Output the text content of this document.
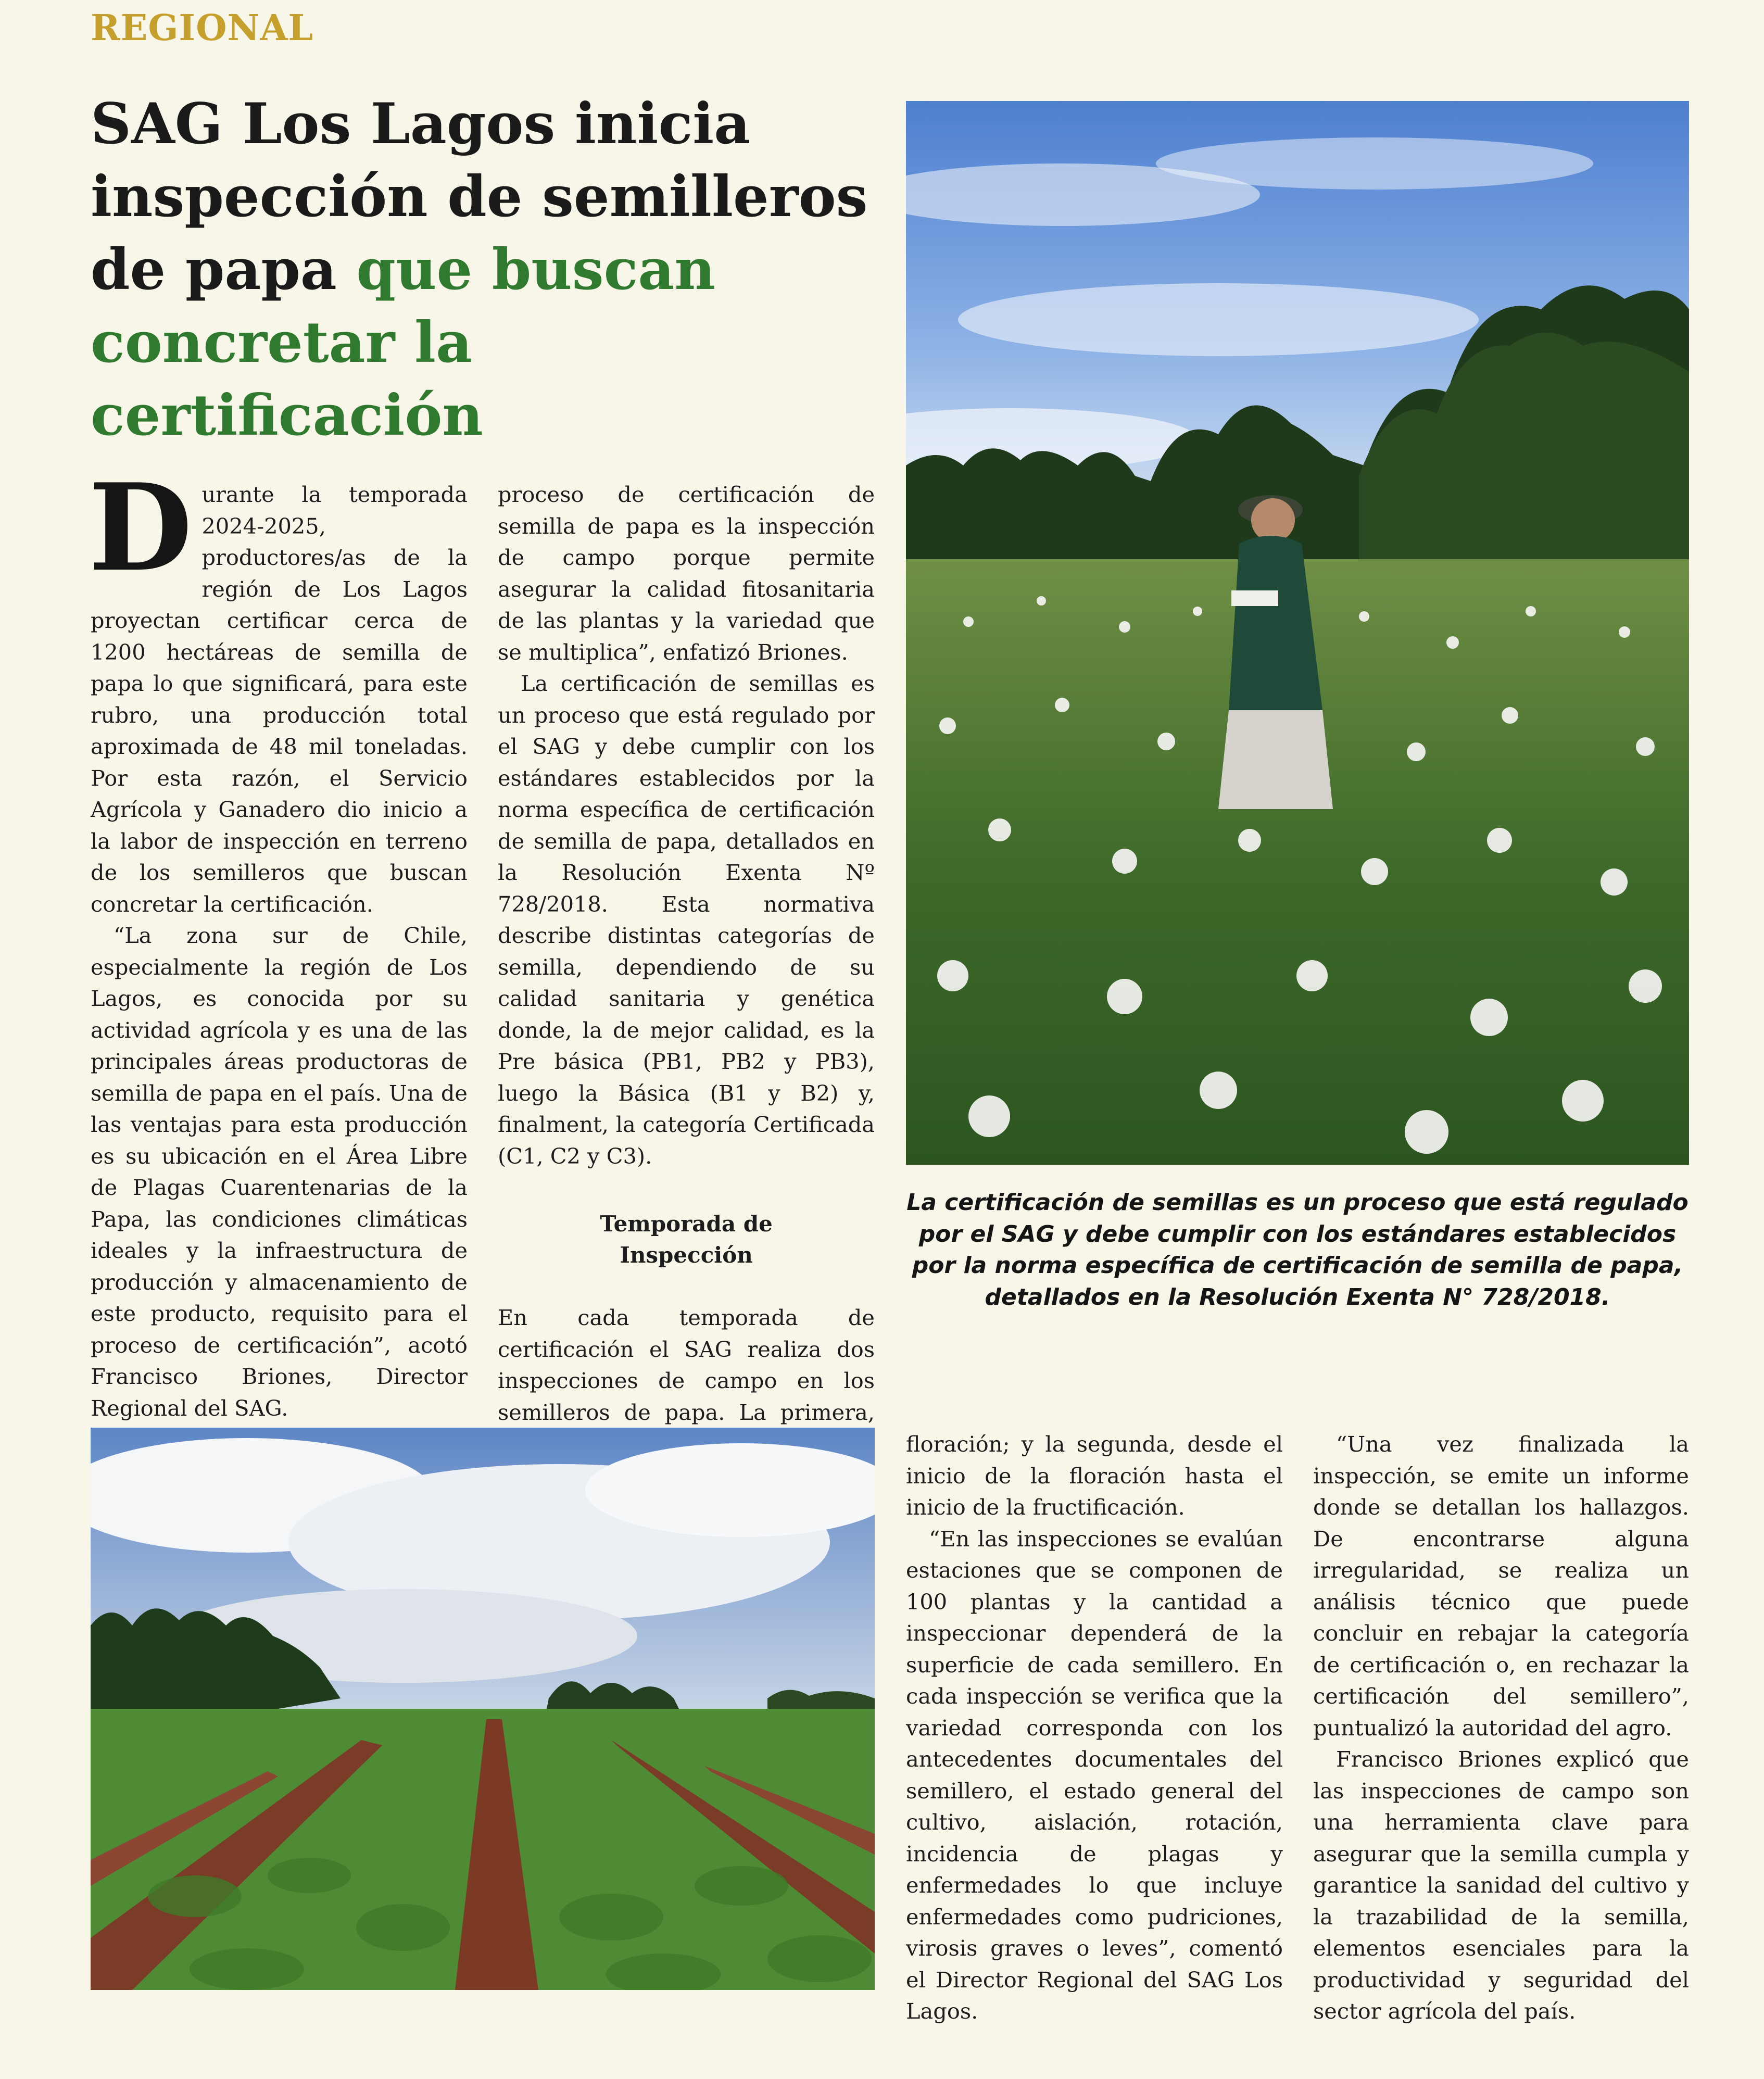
REGIONAL
SAG Los Lagos inicia inspección de semilleros de papa que buscan concretar la certificación
D urante la temporada 2024-2025, productores/as de la región de Los Lagos proyectan certificar cerca de 1200 hectáreas de semilla de papa lo que significará, para este rubro, una producción total aproximada de 48 mil toneladas. Por esta razón, el Servicio Agrícola y Ganadero dio inicio a la labor de inspección en terreno de los semilleros que buscan concretar la certificación.

“La zona sur de Chile, especialmente la región de Los Lagos, es conocida por su actividad agrícola y es una de las principales áreas productoras de semilla de papa en el país. Una de las ventajas para esta producción es su ubicación en el Área Libre de Plagas Cuarentenarias de la Papa, las condiciones climáticas ideales y la infraestructura de producción y almacenamiento de este producto, requisito para el proceso de certificación”, acotó Francisco Briones, Director Regional del SAG.

proceso de certificación de semilla de papa es la inspección de campo porque permite asegurar la calidad fitosanitaria de las plantas y la variedad que se multiplica”, enfatizó Briones.

La certificación de semillas es un proceso que está regulado por el SAG y debe cumplir con los estándares establecidos por la norma específica de certificación de semilla de papa, detallados en la Resolución Exenta Nº 728/2018. Esta normativa describe distintas categorías de semilla, dependiendo de su calidad sanitaria y genética donde, la de mejor calidad, es la Pre básica (PB1, PB2 y PB3), luego la Básica (B1 y B2) y, finalment, la categoría Certificada (C1, C2 y C3).

Temporada de Inspección

En cada temporada de certificación el SAG realiza dos inspecciones de campo en los semilleros de papa. La primera,

La certificación de semillas es un proceso que está regulado por el SAG y debe cumplir con los estándares establecidos por la norma específica de certificación de semilla de papa, detallados en la Resolución Exenta N° 728/2018.

floración; y la segunda, desde el inicio de la floración hasta el inicio de la fructificación.

“En las inspecciones se evalúan estaciones que se componen de 100 plantas y la cantidad a inspeccionar dependerá de la superficie de cada semillero. En cada inspección se verifica que la variedad corresponda con los antecedentes documentales del semillero, el estado general del cultivo, aislación, rotación, incidencia de plagas y enfermedades lo que incluye enfermedades como pudriciones, virosis graves o leves”, comentó el Director Regional del SAG Los Lagos.

“Una vez finalizada la inspección, se emite un informe donde se detallan los hallazgos. De encontrarse alguna irregularidad, se realiza un análisis técnico que puede concluir en rebajar la categoría de certificación o, en rechazar la certificación del semillero”, puntualizó la autoridad del agro.

Francisco Briones explicó que las inspecciones de campo son una herramienta clave para asegurar que la semilla cumpla y garantice la sanidad del cultivo y la trazabilidad de la semilla, elementos esenciales para la productividad y seguridad del sector agrícola del país.
